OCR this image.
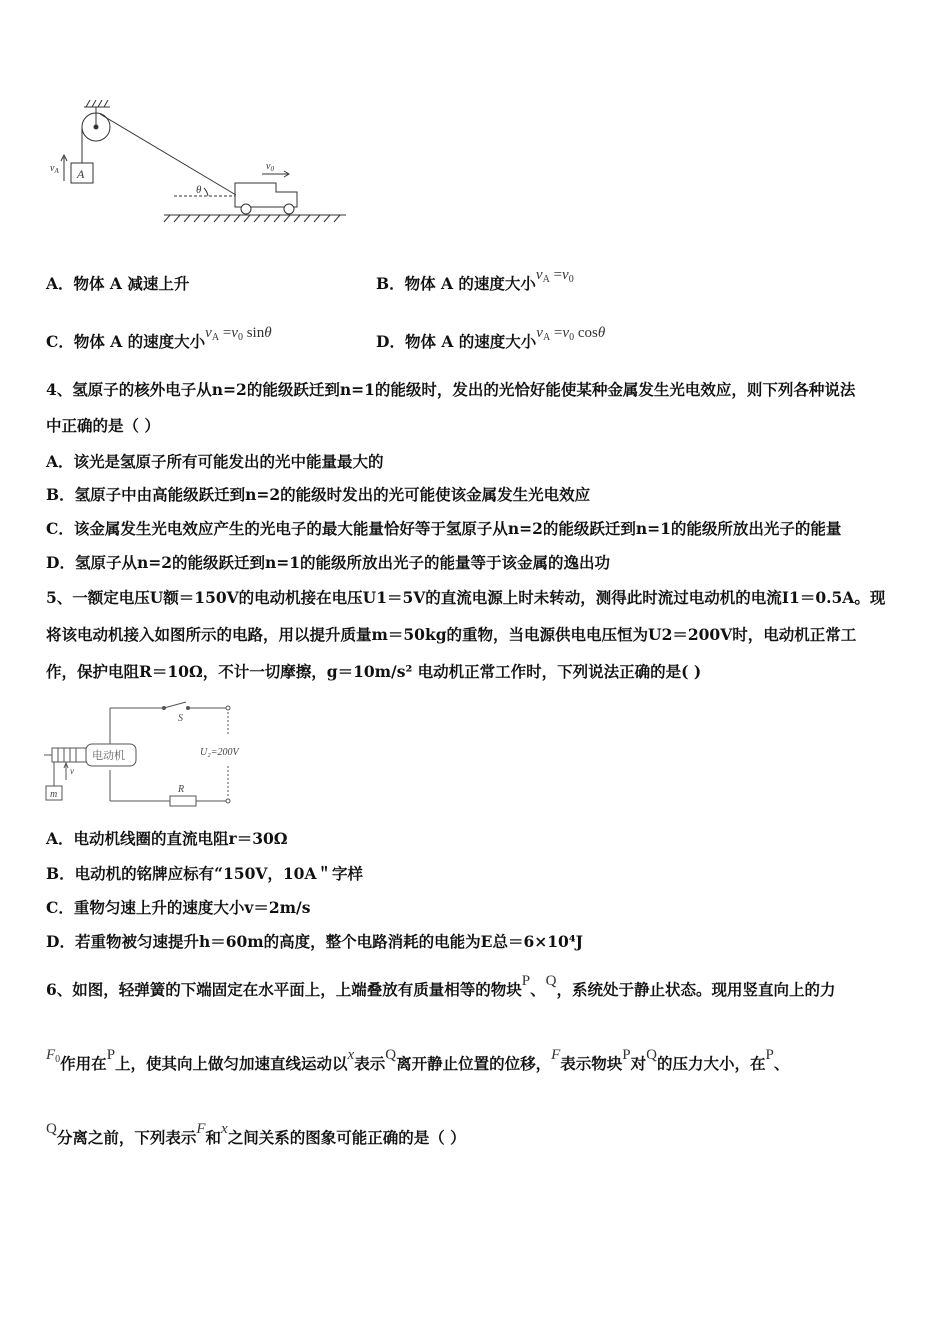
A
$v_A$	$v_0$
θ
A．物体 A 减速上升	B．物体 A 的速度大小$v_A =v_0$
C．物体 A 的速度大小$v_A =v_0$ sinθ	D．物体 A 的速度大小$v_A =v_0$ cosθ
4、氢原子的核外电子从n=2的能级跃迁到n=1的能级时，发出的光恰好能使某种金属发生光电效应，则下列各种说法
中正确的是（ ）
A．该光是氢原子所有可能发出的光中能量最大的
B．氢原子中由高能级跃迁到n=2的能级时发出的光可能使该金属发生光电效应
C．该金属发生光电效应产生的光电子的最大能量恰好等于氢原子从n=2的能级跃迁到n=1的能级所放出光子的能量
D．氢原子从n=2的能级跃迁到n=1的能级所放出光子的能量等于该金属的逸出功
5、一额定电压U额＝150V的电动机接在电压U1＝5V的直流电源上时未转动，测得此时流过电动机的电流I1＝0.5A。现
将该电动机接入如图所示的电路，用以提升质量m＝50kg的重物，当电源供电电压恒为U2＝200V时，电动机正常工
作，保护电阻R＝10Ω，不计一切摩擦，g＝10m/s² 电动机正常工作时，下列说法正确的是( )
电动机
S
U₂=200V
R
m
v
A．电动机线圈的直流电阻r＝30Ω
B．电动机的铭牌应标有“150V，10A＂字样
C．重物匀速上升的速度大小v＝2m/s
D．若重物被匀速提升h＝60m的高度，整个电路消耗的电能为E总＝6×10⁴J
6、如图，轻弹簧的下端固定在水平面上，上端叠放有质量相等的物块P、Q，系统处于静止状态。现用竖直向上的力
$F_0$作用在P上，使其向上做匀加速直线运动以x表示Q离开静止位置的位移，F表示物块P对Q的压力大小，在P、
Q分离之前，下列表示F和x之间关系的图象可能正确的是（ ）
